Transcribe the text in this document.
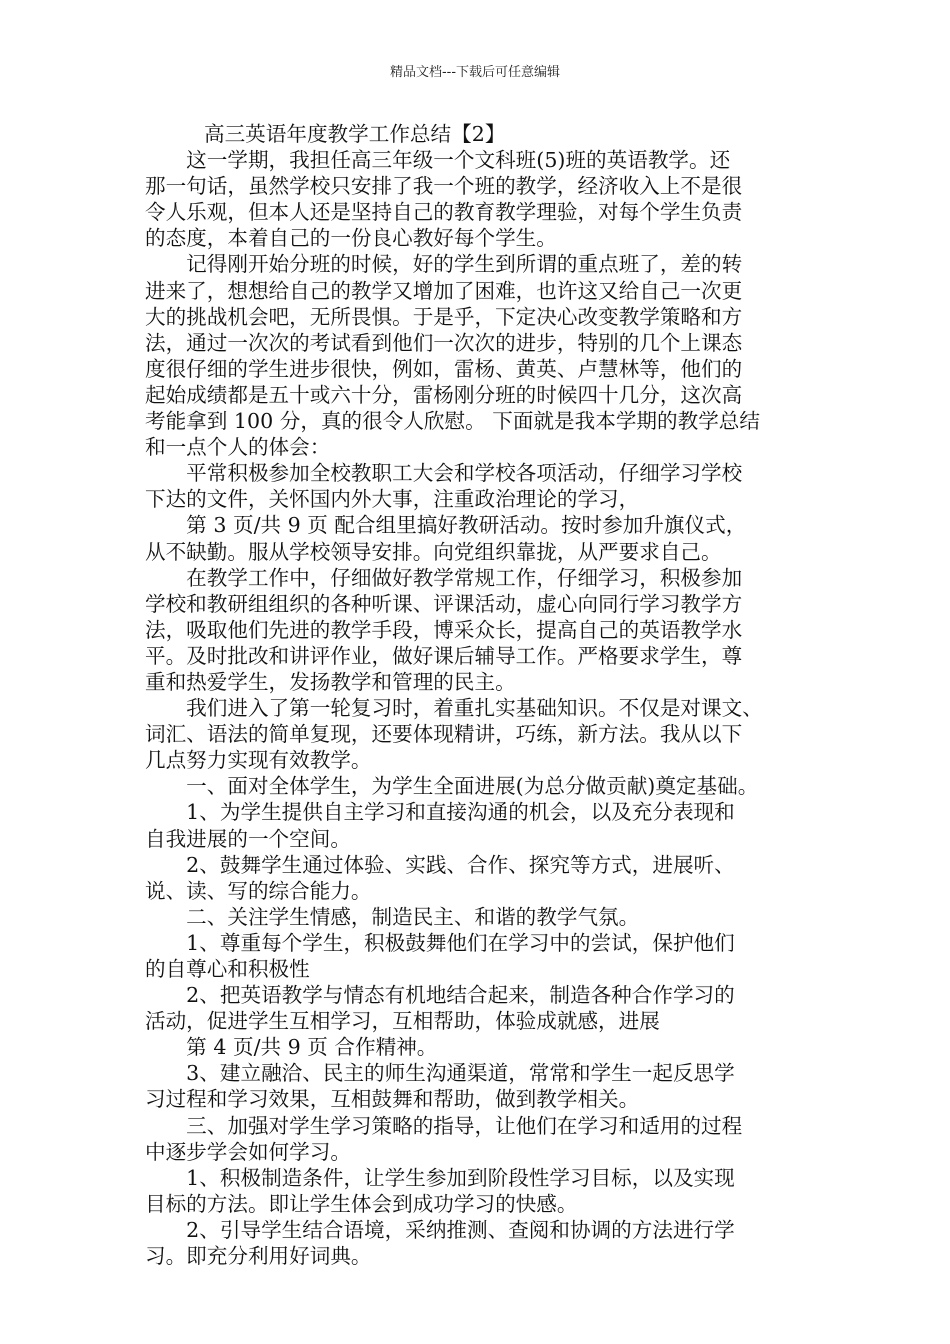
精品文档---下载后可任意编辑
高三英语年度教学工作总结【2】
　　这一学期，我担任高三年级一个文科班(5)班的英语教学。还
那一句话，虽然学校只安排了我一个班的教学，经济收入上不是很
令人乐观，但本人还是坚持自己的教育教学理验，对每个学生负责
的态度，本着自己的一份良心教好每个学生。
　　记得刚开始分班的时候，好的学生到所谓的重点班了，差的转
进来了，想想给自己的教学又增加了困难，也许这又给自己一次更
大的挑战机会吧，无所畏惧。于是乎，下定决心改变教学策略和方
法，通过一次次的考试看到他们一次次的进步，特别的几个上课态
度很仔细的学生进步很快，例如，雷杨、黄英、卢慧林等，他们的
起始成绩都是五十或六十分，雷杨刚分班的时候四十几分，这次高
考能拿到 100 分，真的很令人欣慰。 下面就是我本学期的教学总结
和一点个人的体会：
　　平常积极参加全校教职工大会和学校各项活动，仔细学习学校
下达的文件，关怀国内外大事，注重政治理论的学习，
　　第 3 页/共 9 页 配合组里搞好教研活动。按时参加升旗仪式，
从不缺勤。服从学校领导安排。向党组织靠拢，从严要求自己。
　　在教学工作中，仔细做好教学常规工作，仔细学习，积极参加
学校和教研组组织的各种听课、评课活动，虚心向同行学习教学方
法，吸取他们先进的教学手段，博采众长，提高自己的英语教学水
平。及时批改和讲评作业，做好课后辅导工作。严格要求学生，尊
重和热爱学生，发扬教学和管理的民主。
　　我们进入了第一轮复习时，着重扎实基础知识。不仅是对课文、
词汇、语法的简单复现，还要体现精讲，巧练，新方法。我从以下
几点努力实现有效教学。
　　一、面对全体学生，为学生全面进展(为总分做贡献)奠定基础。
　　1、为学生提供自主学习和直接沟通的机会，以及充分表现和
自我进展的一个空间。
　　2、鼓舞学生通过体验、实践、合作、探究等方式，进展听、
说、读、写的综合能力。
　　二、关注学生情感，制造民主、和谐的教学气氛。
　　1、尊重每个学生，积极鼓舞他们在学习中的尝试，保护他们
的自尊心和积极性
　　2、把英语教学与情态有机地结合起来，制造各种合作学习的
活动，促进学生互相学习，互相帮助，体验成就感，进展
　　第 4 页/共 9 页 合作精神。
　　3、建立融洽、民主的师生沟通渠道，常常和学生一起反思学
习过程和学习效果，互相鼓舞和帮助，做到教学相关。
　　三、加强对学生学习策略的指导，让他们在学习和适用的过程
中逐步学会如何学习。
　　1、积极制造条件，让学生参加到阶段性学习目标，以及实现
目标的方法。即让学生体会到成功学习的快感。
　　2、引导学生结合语境，采纳推测、查阅和协调的方法进行学
习。即充分利用好词典。
